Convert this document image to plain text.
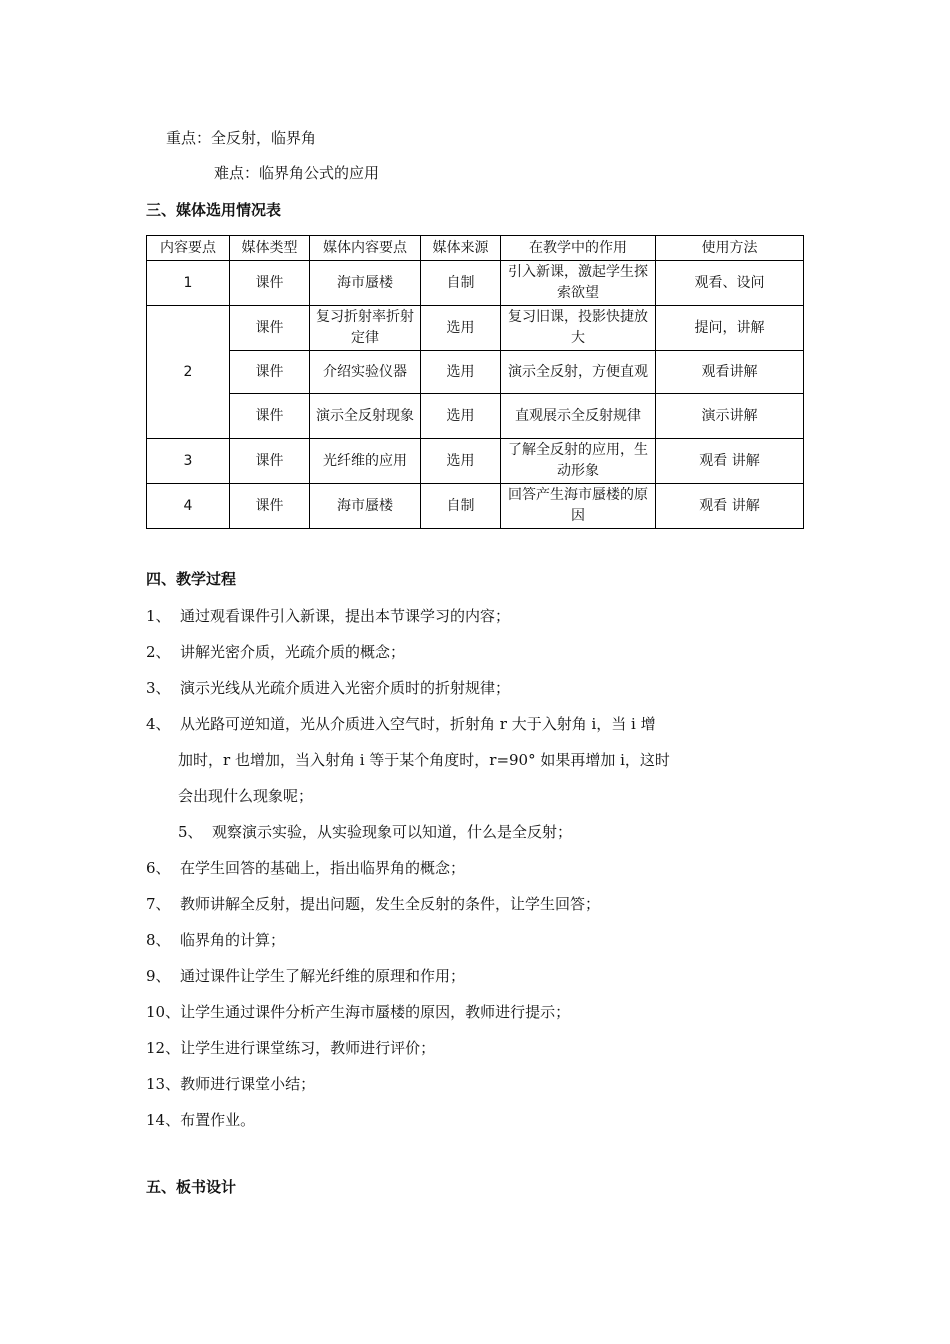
重点：全反射，临界角
难点：临界角公式的应用
三、媒体选用情况表
内容要点	媒体类型	媒体内容要点	媒体来源	在教学中的作用	使用方法
1	课件	海市蜃楼	自制	引入新课，激起学生探索欲望	观看、设问
2	课件	复习折射率折射定律	选用	复习旧课，投影快捷放大	提问，讲解
	课件	介绍实验仪器	选用	演示全反射，方便直观	观看讲解
	课件	演示全反射现象	选用	直观展示全反射规律	演示讲解
3	课件	光纤维的应用	选用	了解全反射的应用，生动形象	观看 讲解
4	课件	海市蜃楼	自制	回答产生海市蜃楼的原因	观看 讲解
四、教学过程
1、 通过观看课件引入新课，提出本节课学习的内容；
2、 讲解光密介质，光疏介质的概念；
3、 演示光线从光疏介质进入光密介质时的折射规律；
4、 从光路可逆知道，光从介质进入空气时，折射角 r 大于入射角 i，当 i 增
加时，r 也增加，当入射角 i 等于某个角度时，r=90° 如果再增加 i，这时
会出现什么现象呢；
5、 观察演示实验，从实验现象可以知道，什么是全反射；
6、 在学生回答的基础上，指出临界角的概念；
7、 教师讲解全反射，提出问题，发生全反射的条件，让学生回答；
8、 临界角的计算；
9、 通过课件让学生了解光纤维的原理和作用；
10、让学生通过课件分析产生海市蜃楼的原因，教师进行提示；
12、让学生进行课堂练习，教师进行评价；
13、教师进行课堂小结；
14、布置作业。
五、板书设计
